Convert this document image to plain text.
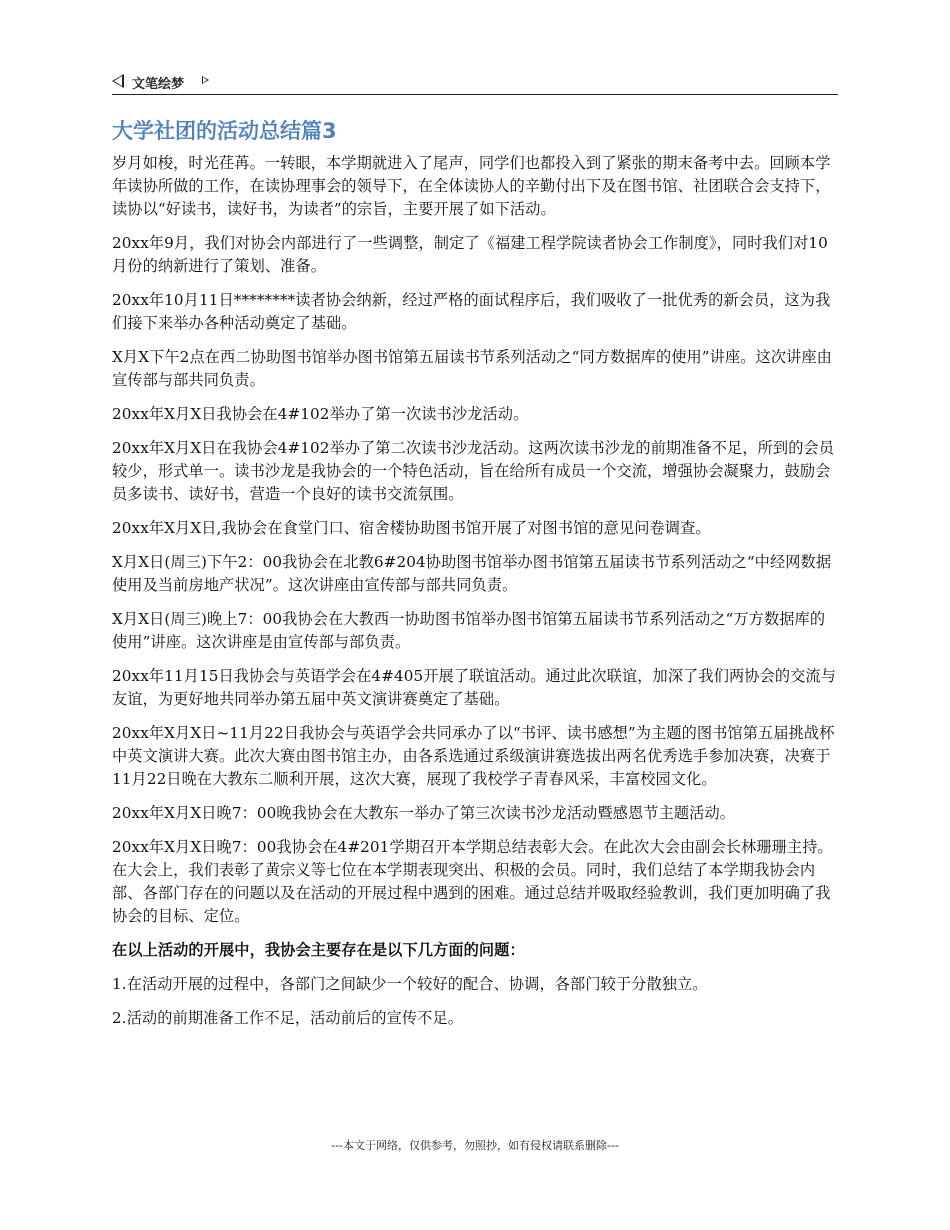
文笔绘梦
大学社团的活动总结篇3

岁月如梭，时光荏苒。一转眼，本学期就进入了尾声，同学们也都投入到了紧张的期末备考中去。回顾本学年读协所做的工作，在读协理事会的领导下，在全体读协人的辛勤付出下及在图书馆、社团联合会支持下，读协以“好读书，读好书，为读者”的宗旨，主要开展了如下活动。

20xx年9月，我们对协会内部进行了一些调整，制定了《福建工程学院读者协会工作制度》，同时我们对10月份的纳新进行了策划、准备。

20xx年10月11日********读者协会纳新，经过严格的面试程序后，我们吸收了一批优秀的新会员，这为我们接下来举办各种活动奠定了基础。

X月X下午2点在西二协助图书馆举办图书馆第五届读书节系列活动之“同方数据库的使用”讲座。这次讲座由宣传部与部共同负责。

20xx年X月X日我协会在4#102举办了第一次读书沙龙活动。

20xx年X月X日在我协会4#102举办了第二次读书沙龙活动。这两次读书沙龙的前期准备不足，所到的会员较少，形式单一。读书沙龙是我协会的一个特色活动，旨在给所有成员一个交流，增强协会凝聚力，鼓励会员多读书、读好书，营造一个良好的读书交流氛围。

20xx年X月X日,我协会在食堂门口、宿舍楼协助图书馆开展了对图书馆的意见问卷调查。

X月X日(周三)下午2：00我协会在北教6#204协助图书馆举办图书馆第五届读书节系列活动之“中经网数据使用及当前房地产状况”。这次讲座由宣传部与部共同负责。

X月X日(周三)晚上7：00我协会在大教西一协助图书馆举办图书馆第五届读书节系列活动之“万方数据库的使用”讲座。这次讲座是由宣传部与部负责。

20xx年11月15日我协会与英语学会在4#405开展了联谊活动。通过此次联谊，加深了我们两协会的交流与友谊，为更好地共同举办第五届中英文演讲赛奠定了基础。

20xx年X月X日~11月22日我协会与英语学会共同承办了以“书评、读书感想”为主题的图书馆第五届挑战杯中英文演讲大赛。此次大赛由图书馆主办，由各系选通过系级演讲赛选拔出两名优秀选手参加决赛，决赛于11月22日晚在大教东二顺利开展，这次大赛，展现了我校学子青春风采，丰富校园文化。

20xx年X月X日晚7：00晚我协会在大教东一举办了第三次读书沙龙活动暨感恩节主题活动。

20xx年X月X日晚7：00我协会在4#201学期召开本学期总结表彰大会。在此次大会由副会长林珊珊主持。在大会上，我们表彰了黄宗义等七位在本学期表现突出、积极的会员。同时，我们总结了本学期我协会内部、各部门存在的问题以及在活动的开展过程中遇到的困难。通过总结并吸取经验教训，我们更加明确了我协会的目标、定位。

在以上活动的开展中，我协会主要存在是以下几方面的问题：

1.在活动开展的过程中，各部门之间缺少一个较好的配合、协调，各部门较于分散独立。

2.活动的前期准备工作不足，活动前后的宣传不足。

---本文于网络，仅供参考，勿照抄，如有侵权请联系删除---
